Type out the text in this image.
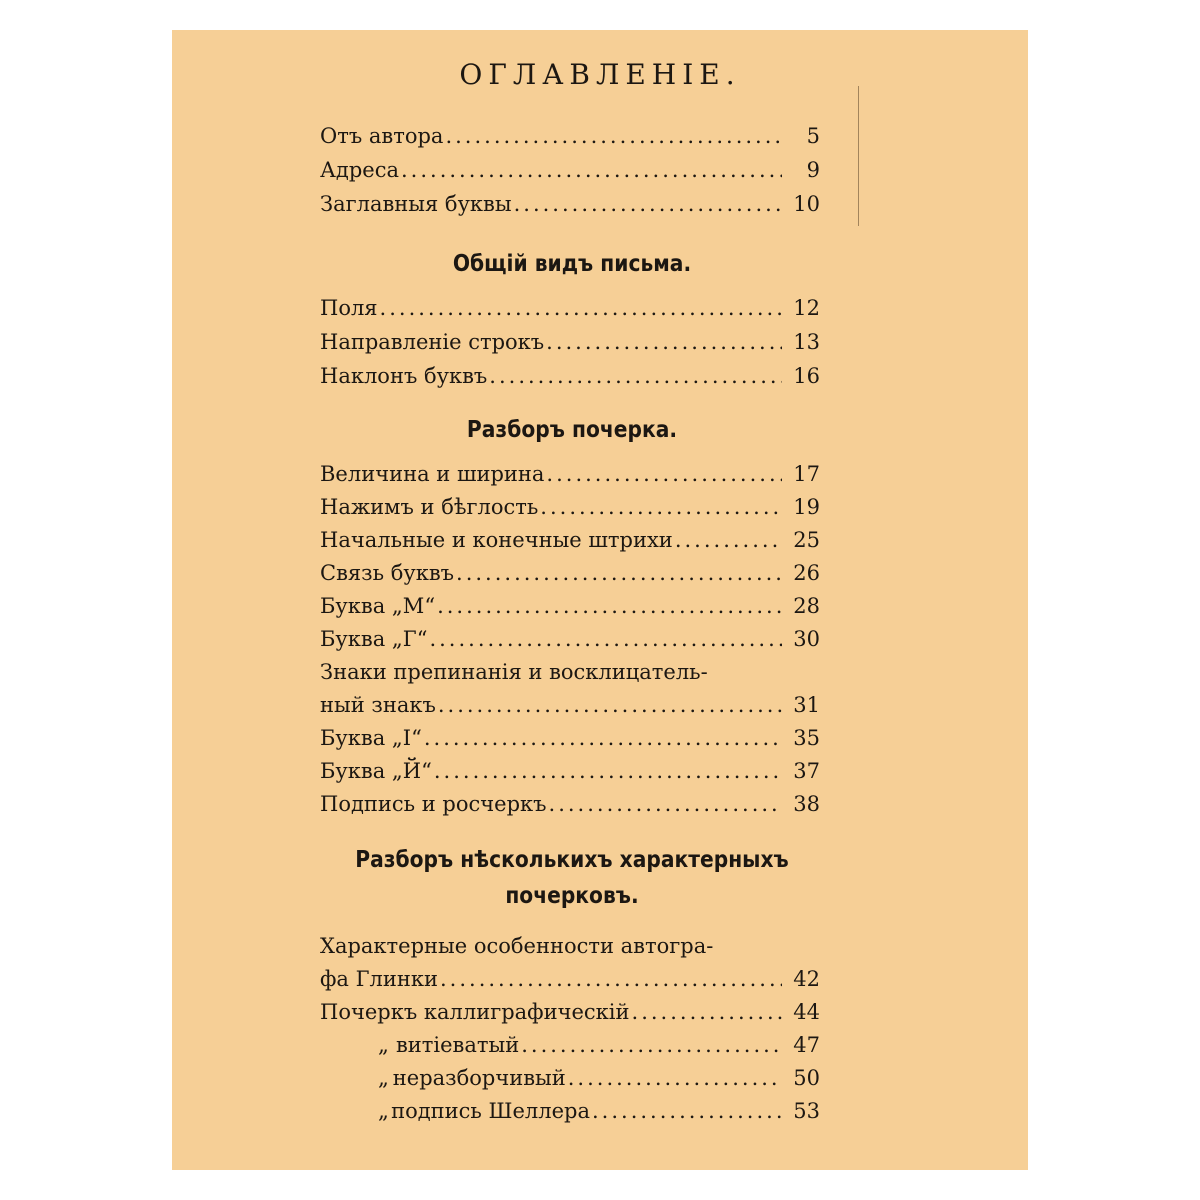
ОГЛАВЛЕНІЕ.
Отъ автора .....	5
Адреса .....	9
Заглавныя буквы .....	10
Общій видъ письма.
Поля .....	12
Направленіе строкъ .....	13
Наклонъ буквъ .....	16
Разборъ почерка.
Величина и ширина .....	17
Нажимъ и бѣглость .....	19
Начальные и конечные штрихи .....	25
Связь буквъ .....	26
Буква „М“ .....	28
Буква „Г“ .....	30
Знаки препинанія и восклицатель-
ный знакъ .....	31
Буква „I“ .....	35
Буква „Й“ .....	37
Подпись и росчеркъ .....	38
Разборъ нѣсколькихъ характерныхъ
почерковъ.
Характерные особенности автогра-
фа Глинки .....	42
Почеркъ каллиграфическій .....	44
„ витіеватый .....	47
„ неразборчивый .....	50
„ подпись Шеллера .....	53
